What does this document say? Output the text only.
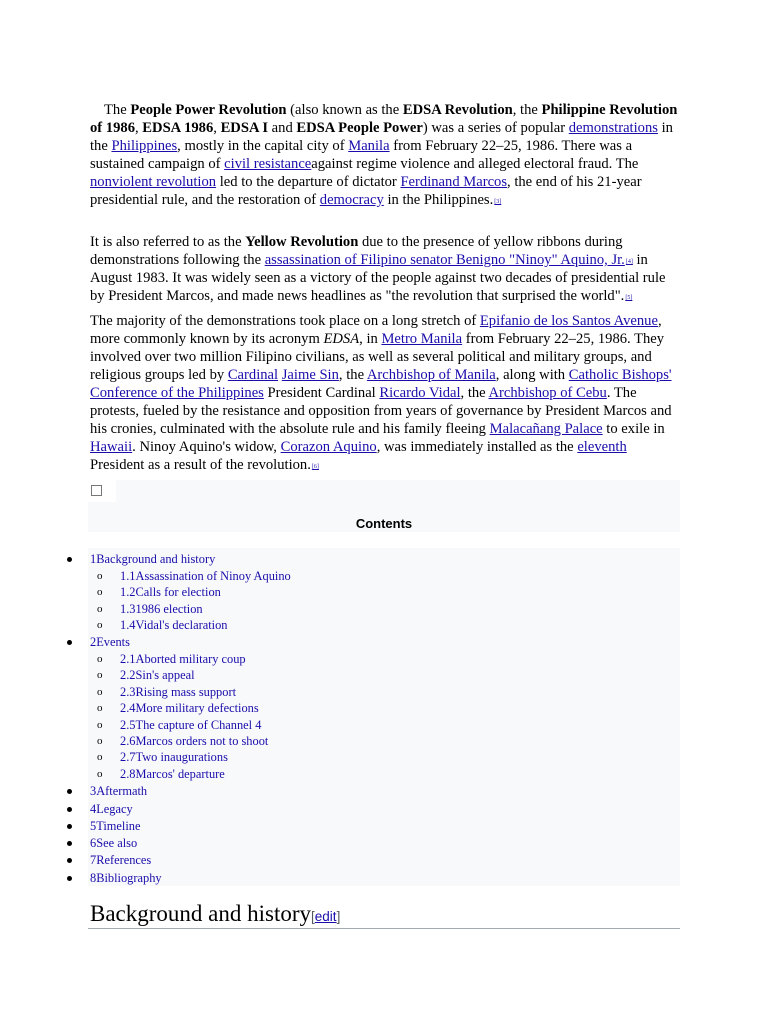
The People Power Revolution (also known as the EDSA Revolution, the Philippine Revolution of 1986, EDSA 1986, EDSA I and EDSA People Power) was a series of popular demonstrations in the Philippines, mostly in the capital city of Manila from February 22–25, 1986. There was a sustained campaign of civil resistanceagainst regime violence and alleged electoral fraud. The nonviolent revolution led to the departure of dictator Ferdinand Marcos, the end of his 21-year presidential rule, and the restoration of democracy in the Philippines.[3]
It is also referred to as the Yellow Revolution due to the presence of yellow ribbons during demonstrations following the assassination of Filipino senator Benigno "Ninoy" Aquino, Jr.[4] in August 1983. It was widely seen as a victory of the people against two decades of presidential rule by President Marcos, and made news headlines as "the revolution that surprised the world".[5]
The majority of the demonstrations took place on a long stretch of Epifanio de los Santos Avenue, more commonly known by its acronym EDSA, in Metro Manila from February 22–25, 1986. They involved over two million Filipino civilians, as well as several political and military groups, and religious groups led by Cardinal Jaime Sin, the Archbishop of Manila, along with Catholic Bishops' Conference of the Philippines President Cardinal Ricardo Vidal, the Archbishop of Cebu. The protests, fueled by the resistance and opposition from years of governance by President Marcos and his cronies, culminated with the absolute rule and his family fleeing Malacañang Palace to exile in Hawaii. Ninoy Aquino's widow, Corazon Aquino, was immediately installed as the eleventh President as a result of the revolution.[6]
Contents
1Background and history
o 1.1Assassination of Ninoy Aquino
o 1.2Calls for election
o 1.31986 election
o 1.4Vidal's declaration
2Events
o 2.1Aborted military coup
o 2.2Sin's appeal
o 2.3Rising mass support
o 2.4More military defections
o 2.5The capture of Channel 4
o 2.6Marcos orders not to shoot
o 2.7Two inaugurations
o 2.8Marcos' departure
3Aftermath
4Legacy
5Timeline
6See also
7References
8Bibliography
Background and history[edit]
